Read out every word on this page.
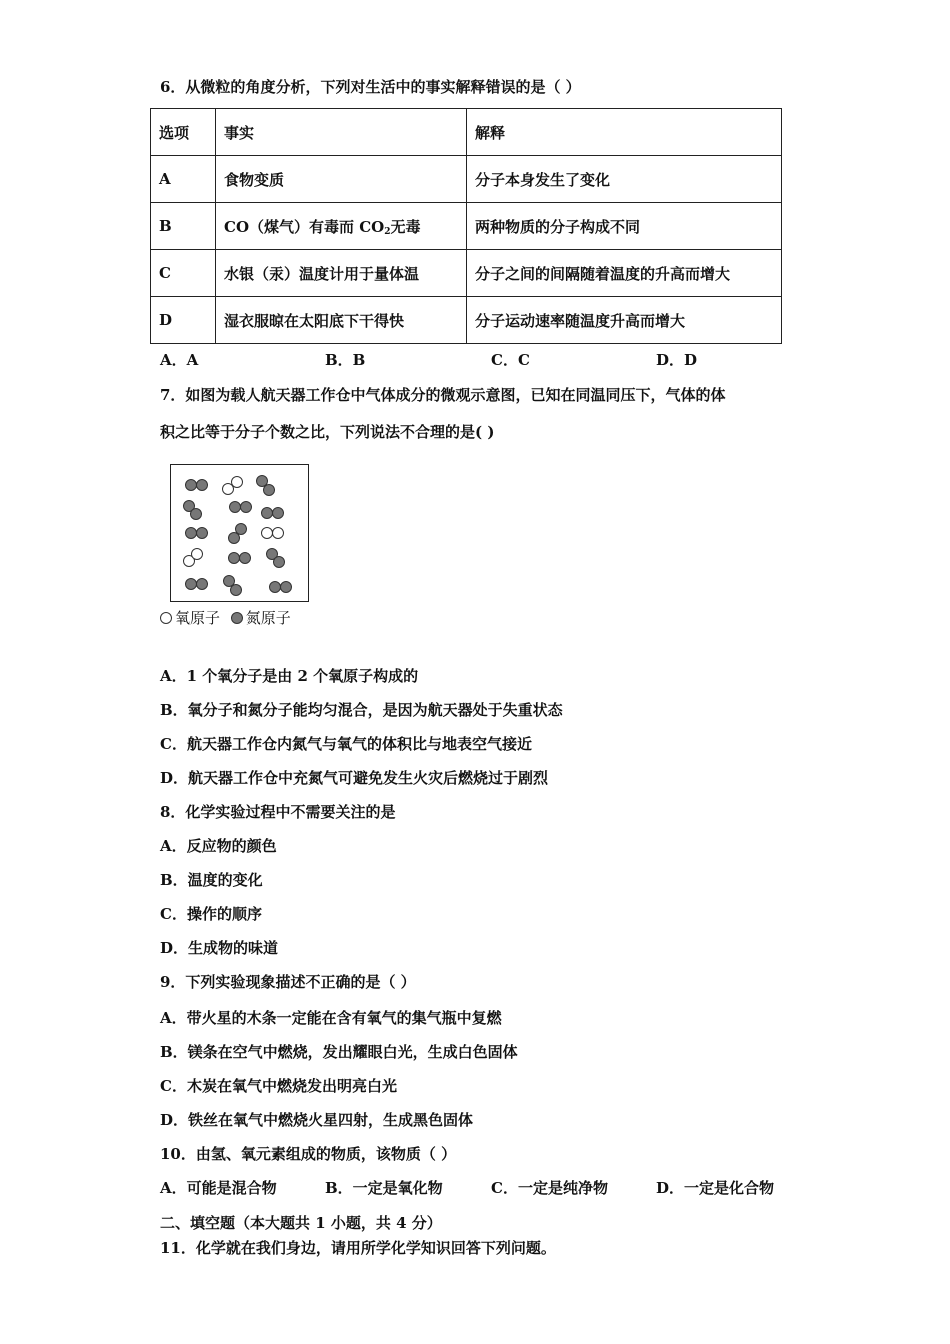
6．从微粒的角度分析，下列对生活中的事实解释错误的是（ ）
选项	事实	解释
A	食物变质	分子本身发生了变化
B	CO（煤气）有毒而 $CO_2$无毒	两种物质的分子构成不同
C	水银（汞）温度计用于量体温	分子之间的间隔随着温度的升高而增大
D	湿衣服晾在太阳底下干得快	分子运动速率随温度升高而增大
A．A	B．B	C．C	D．D
7．如图为载人航天器工作仓中气体成分的微观示意图，已知在同温同压下，气体的体
积之比等于分子个数之比，下列说法不合理的是( )
氧原子 氮原子
A．1 个氧分子是由 2 个氧原子构成的
B．氧分子和氮分子能均匀混合，是因为航天器处于失重状态
C．航天器工作仓内氮气与氧气的体积比与地表空气接近
D．航天器工作仓中充氮气可避免发生火灾后燃烧过于剧烈
8．化学实验过程中不需要关注的是
A．反应物的颜色
B．温度的变化
C．操作的顺序
D．生成物的味道
9．下列实验现象描述不正确的是（ ）
A．带火星的木条一定能在含有氧气的集气瓶中复燃
B．镁条在空气中燃烧，发出耀眼白光，生成白色固体
C．木炭在氧气中燃烧发出明亮白光
D．铁丝在氧气中燃烧火星四射，生成黑色固体
10．由氢、氧元素组成的物质，该物质（ ）
A．可能是混合物	B．一定是氧化物	C．一定是纯净物	D．一定是化合物
二、填空题（本大题共 1 小题，共 4 分）
11．化学就在我们身边，请用所学化学知识回答下列问题。
